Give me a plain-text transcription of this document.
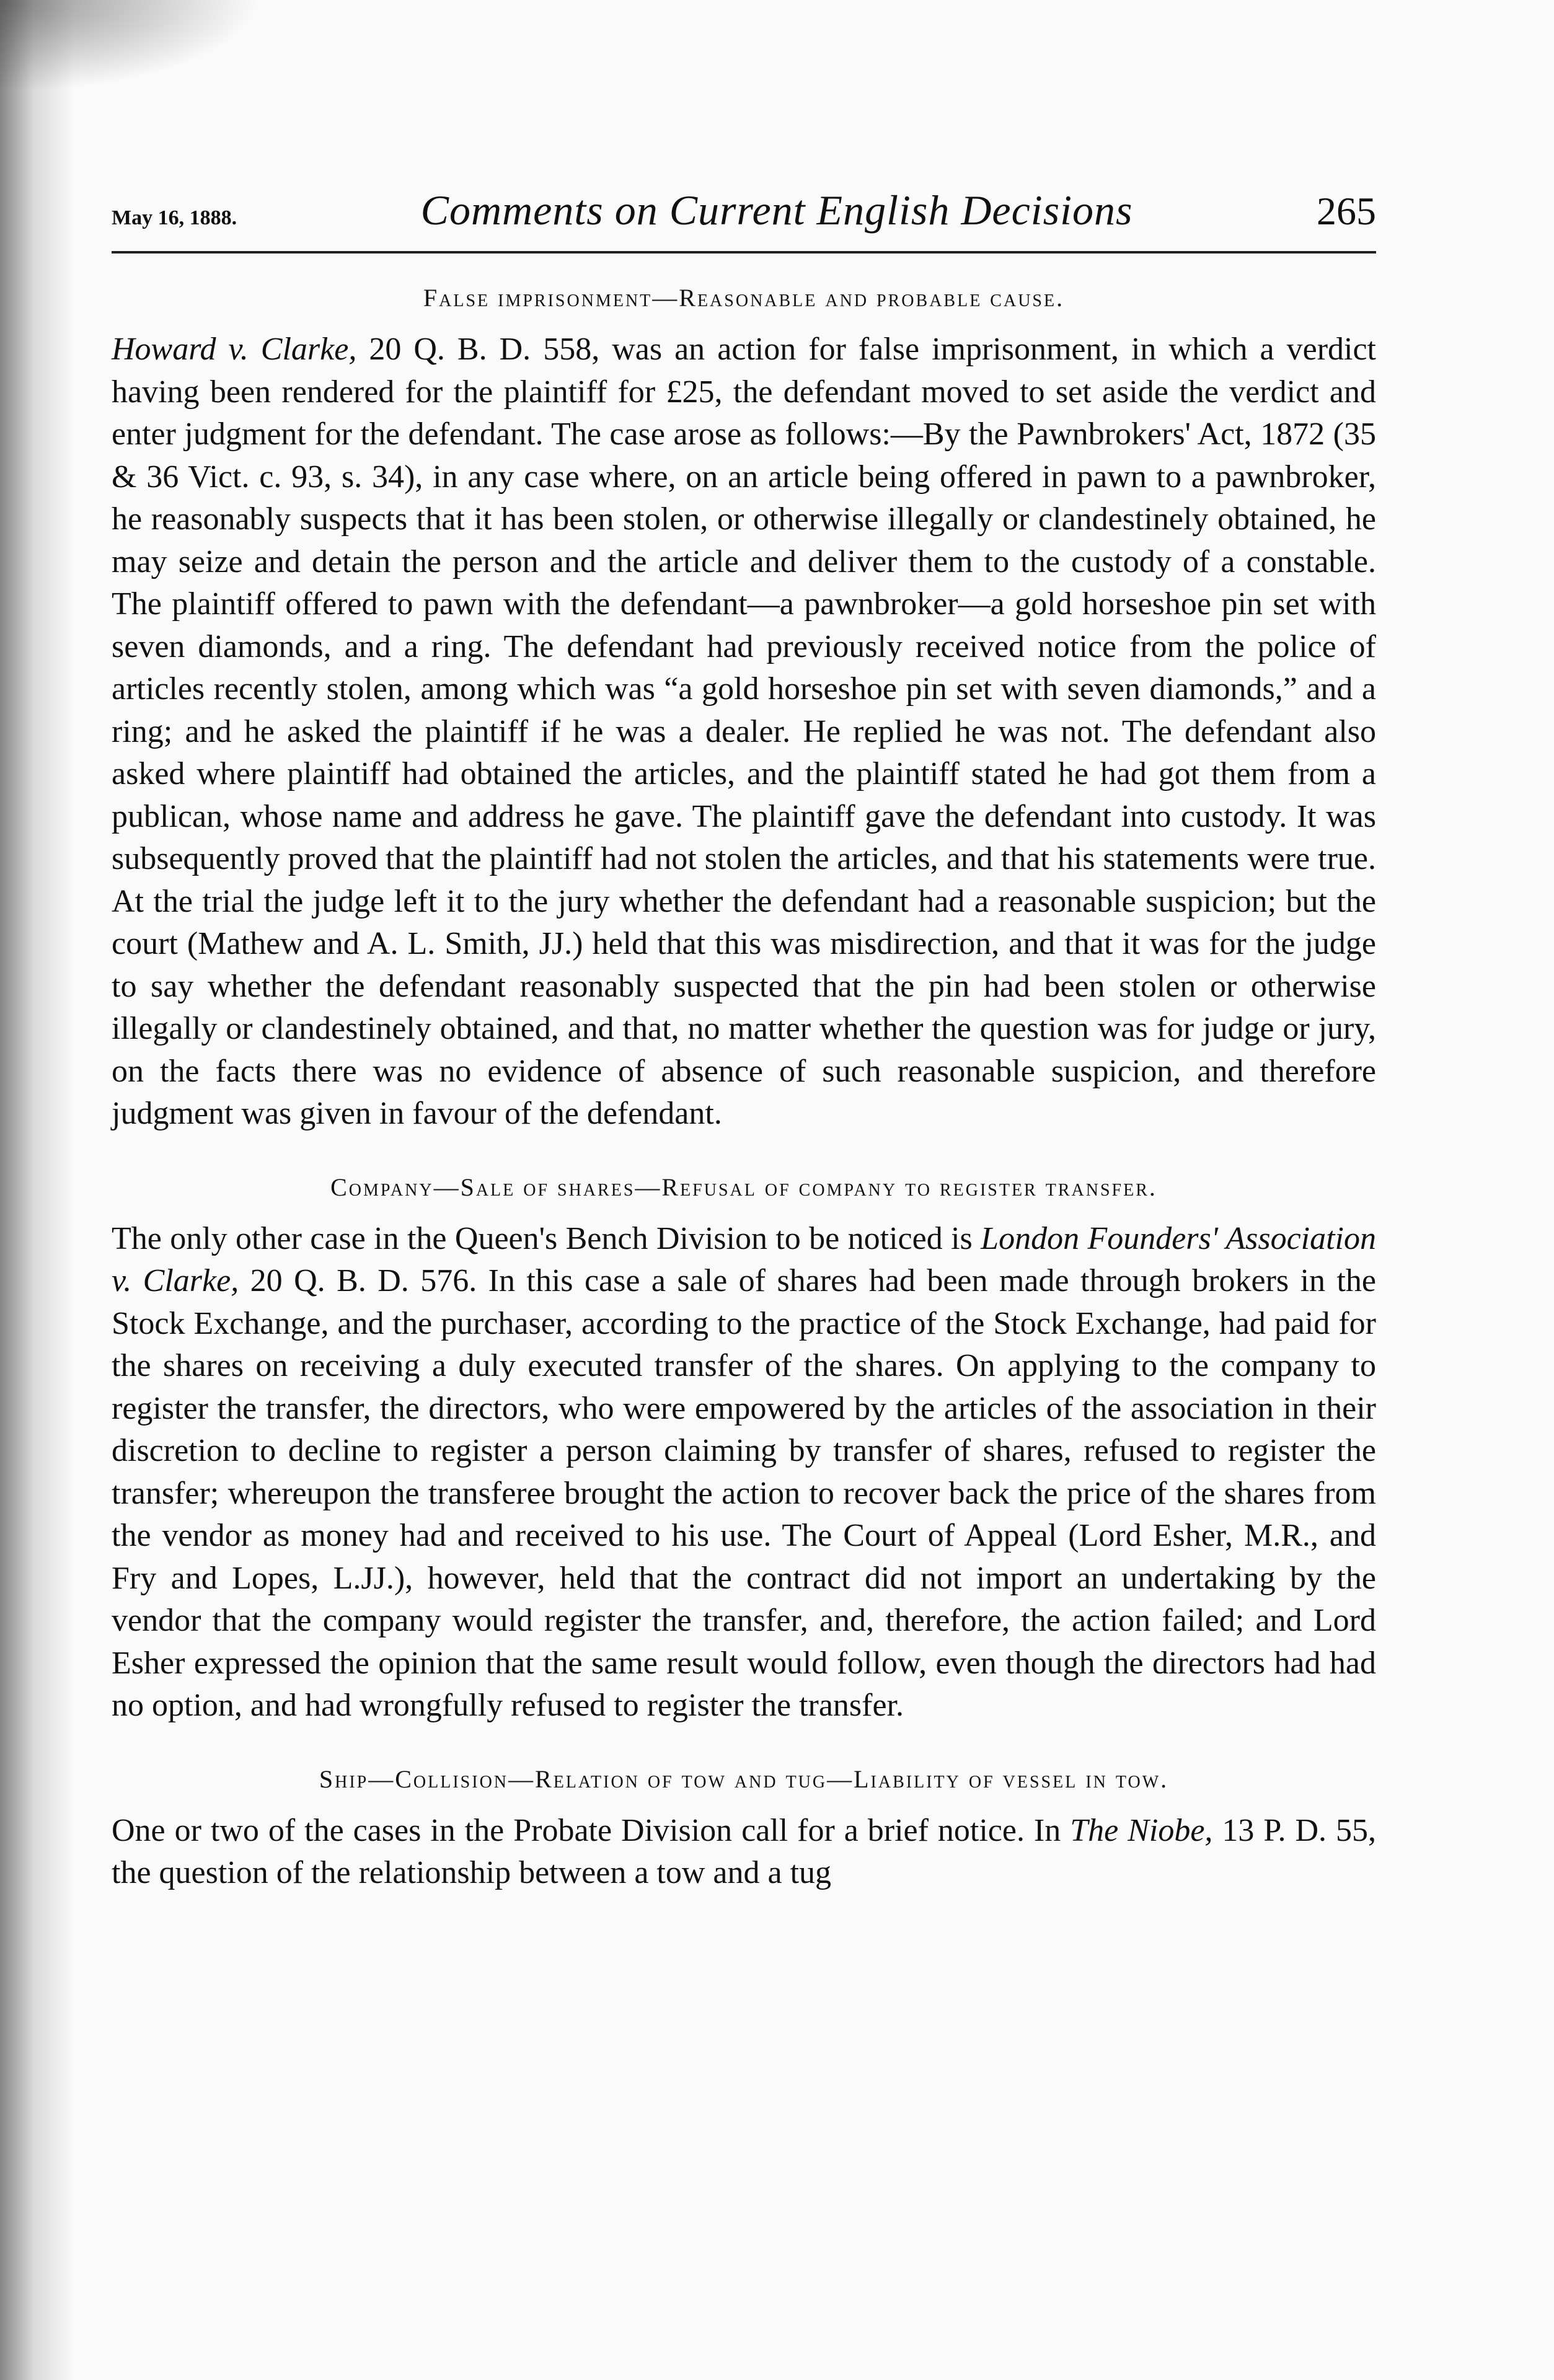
May 16, 1888.	Comments on Current English Decisions	265
False imprisonment—Reasonable and probable cause.

Howard v. Clarke, 20 Q. B. D. 558, was an action for false imprisonment, in which a verdict having been rendered for the plaintiff for £25, the defendant moved to set aside the verdict and enter judgment for the defendant. The case arose as follows:—By the Pawnbrokers' Act, 1872 (35 & 36 Vict. c. 93, s. 34), in any case where, on an article being offered in pawn to a pawnbroker, he reasonably suspects that it has been stolen, or otherwise illegally or clandestinely obtained, he may seize and detain the person and the article and deliver them to the custody of a constable. The plaintiff offered to pawn with the defendant—a pawnbroker—a gold horseshoe pin set with seven diamonds, and a ring. The defendant had previously received notice from the police of articles recently stolen, among which was “a gold horseshoe pin set with seven diamonds,” and a ring; and he asked the plaintiff if he was a dealer. He replied he was not. The defendant also asked where plaintiff had obtained the articles, and the plaintiff stated he had got them from a publican, whose name and address he gave. The plaintiff gave the defendant into custody. It was subsequently proved that the plaintiff had not stolen the articles, and that his statements were true. At the trial the judge left it to the jury whether the defendant had a reasonable suspicion; but the court (Mathew and A. L. Smith, JJ.) held that this was misdirection, and that it was for the judge to say whether the defendant reasonably suspected that the pin had been stolen or otherwise illegally or clandestinely obtained, and that, no matter whether the question was for judge or jury, on the facts there was no evidence of absence of such reasonable suspicion, and therefore judgment was given in favour of the defendant.

Company—Sale of shares—Refusal of company to register transfer.

The only other case in the Queen's Bench Division to be noticed is London Founders' Association v. Clarke, 20 Q. B. D. 576. In this case a sale of shares had been made through brokers in the Stock Exchange, and the purchaser, according to the practice of the Stock Exchange, had paid for the shares on receiving a duly executed transfer of the shares. On applying to the company to register the transfer, the directors, who were empowered by the articles of the association in their discretion to decline to register a person claiming by transfer of shares, refused to register the transfer; whereupon the transferee brought the action to recover back the price of the shares from the vendor as money had and received to his use. The Court of Appeal (Lord Esher, M.R., and Fry and Lopes, L.JJ.), however, held that the contract did not import an undertaking by the vendor that the company would register the transfer, and, therefore, the action failed; and Lord Esher expressed the opinion that the same result would follow, even though the directors had had no option, and had wrongfully refused to register the transfer.

Ship—Collision—Relation of tow and tug—Liability of vessel in tow.

One or two of the cases in the Probate Division call for a brief notice. In The Niobe, 13 P. D. 55, the question of the relationship between a tow and a tug
